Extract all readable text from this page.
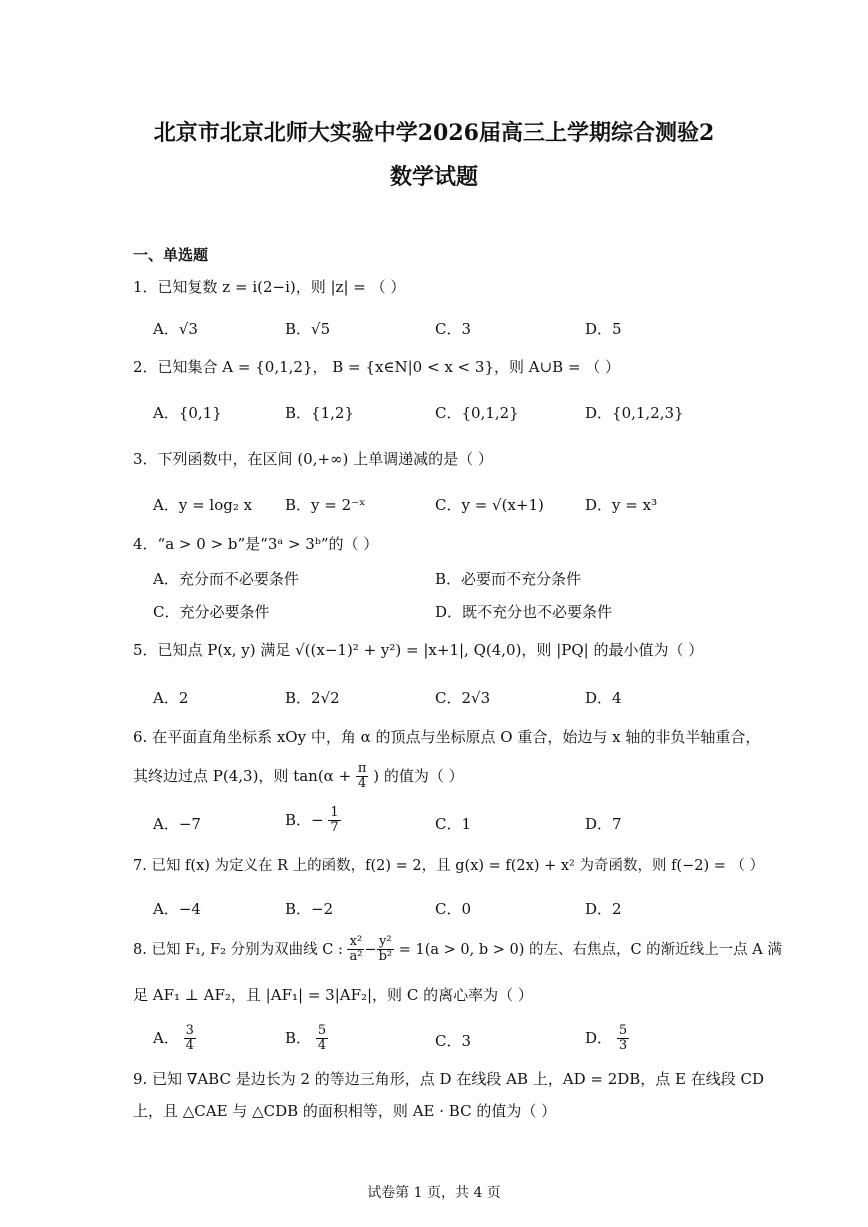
北京市北京北师大实验中学2026届高三上学期综合测验2
数学试题
一、单选题
1．已知复数 z = i(2−i)，则 |z| = （ ）
A．√3	B．√5	C．3	D．5
2．已知集合 A = {0,1,2}， B = {x∈N|0 < x < 3}，则 A∪B = （ ）
A．{0,1}	B．{1,2}	C．{0,1,2}	D．{0,1,2,3}
3．下列函数中，在区间 (0,+∞) 上单调递减的是（ ）
A．y = log₂ x B．y = 2⁻ˣ	C．y = √(x+1)	D．y = x³
4．“a > 0 > b”是“3ᵃ > 3ᵇ”的（ ）
A．充分而不必要条件	B．必要而不充分条件
C．充分必要条件	D．既不充分也不必要条件
5．已知点 P(x, y) 满足 √((x−1)² + y²) = |x+1|, Q(4,0)，则 |PQ| 的最小值为（ ）
A．2	B．2√2	C．2√3	D．4
6. 在平面直角坐标系 xOy 中，角 α 的顶点与坐标原点 O 重合，始边与 x 轴的非负半轴重合，
其终边过点 P(4,3)，则 $\tan(\alpha + \frac{\pi}{4}$ ) 的值为（ ）
A．−7	B．− $\frac{1}{7}$	C．1	D．7
7. 已知 f(x) 为定义在 R 上的函数，f(2) = 2，且 g(x) = f(2x) + x² 为奇函数，则 f(−2) = （ ）
A．−4	B．−2	C．0	D．2
8. 已知 F₁, F₂ 分别为双曲线 C : $\frac{\text{x²}}{\text{a²}} - \frac{\text{y²}}{\text{b²}} = 1(a > 0$, b > 0) 的左、右焦点，C 的渐近线上一点 A 满
足 AF₁ ⊥ AF₂，且 |AF₁| = 3|AF₂|，则 C 的离心率为（ ）
A． $\frac{3}{4}$	B． $\frac{5}{4}$	C．3	D． $\frac{5}{3}$
9. 已知 ∇ABC 是边长为 2 的等边三角形，点 D 在线段 AB 上，AD = 2DB，点 E 在线段 CD
上，且 △CAE 与 △CDB 的面积相等，则 AE · BC 的值为（ ）
试卷第 1 页，共 4 页
